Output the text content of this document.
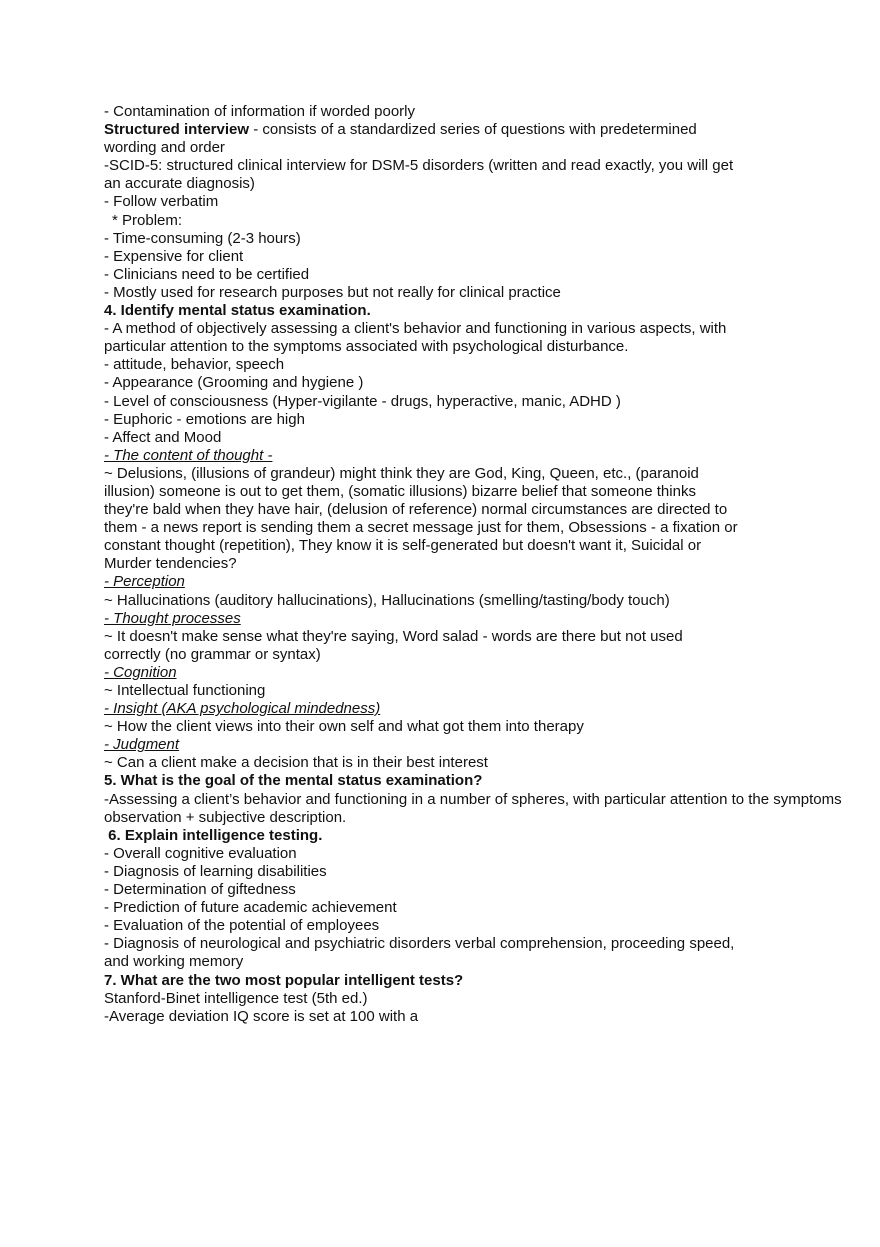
- Contamination of information if worded poorly
Structured interview - consists of a standardized series of questions with predetermined
wording and order
-SCID-5: structured clinical interview for DSM-5 disorders (written and read exactly, you will get
an accurate diagnosis)
- Follow verbatim
* Problem:
- Time-consuming (2-3 hours)
- Expensive for client
- Clinicians need to be certified
- Mostly used for research purposes but not really for clinical practice
4. Identify mental status examination.
- A method of objectively assessing a client's behavior and functioning in various aspects, with
particular attention to the symptoms associated with psychological disturbance.
- attitude, behavior, speech
- Appearance (Grooming and hygiene )
- Level of consciousness (Hyper-vigilante - drugs, hyperactive, manic, ADHD )
- Euphoric - emotions are high
- Affect and Mood
- The content of thought -
~ Delusions, (illusions of grandeur) might think they are God, King, Queen, etc., (paranoid
illusion) someone is out to get them, (somatic illusions) bizarre belief that someone thinks
they're bald when they have hair, (delusion of reference) normal circumstances are directed to
them - a news report is sending them a secret message just for them, Obsessions - a fixation or
constant thought (repetition), They know it is self-generated but doesn't want it, Suicidal or
Murder tendencies?
- Perception
~ Hallucinations (auditory hallucinations), Hallucinations (smelling/tasting/body touch)
- Thought processes
~ It doesn't make sense what they're saying, Word salad - words are there but not used
correctly (no grammar or syntax)
- Cognition
~ Intellectual functioning
- Insight (AKA psychological mindedness)
~ How the client views into their own self and what got them into therapy
- Judgment
~ Can a client make a decision that is in their best interest
5. What is the goal of the mental status examination?
-Assessing a client’s behavior and functioning in a number of spheres, with particular attention to the symptoms
observation + subjective description.
6. Explain intelligence testing.
- Overall cognitive evaluation
- Diagnosis of learning disabilities
- Determination of giftedness
- Prediction of future academic achievement
- Evaluation of the potential of employees
- Diagnosis of neurological and psychiatric disorders verbal comprehension, proceeding speed,
and working memory
7. What are the two most popular intelligent tests?
Stanford-Binet intelligence test (5th ed.)
-Average deviation IQ score is set at 100 with a
